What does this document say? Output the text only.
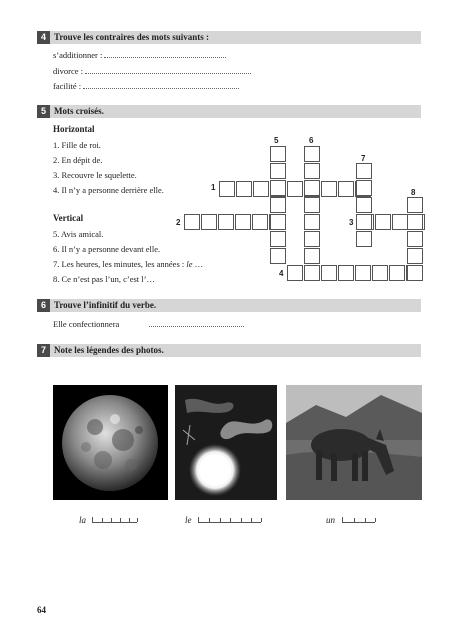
4 Trouve les contraires des mots suivants :
s’additionner :
divorce :
facilité :
5 Mots croisés.
Horizontal
1. Fille de roi.
2. En dépit de.
3. Recouvre le squelette.
4. Il n’y a personne derrière elle.
Vertical
5. Avis amical.
6. Il n’y a personne devant elle.
7. Les heures, les minutes, les années : le …
8. Ce n’est pas l’un, c’est l’…
1
2	3
4
5	6
7
8
6 Trouve l’infinitif du verbe.
Elle confectionnera
7 Note les légendes des photos.
la	le	un
64
